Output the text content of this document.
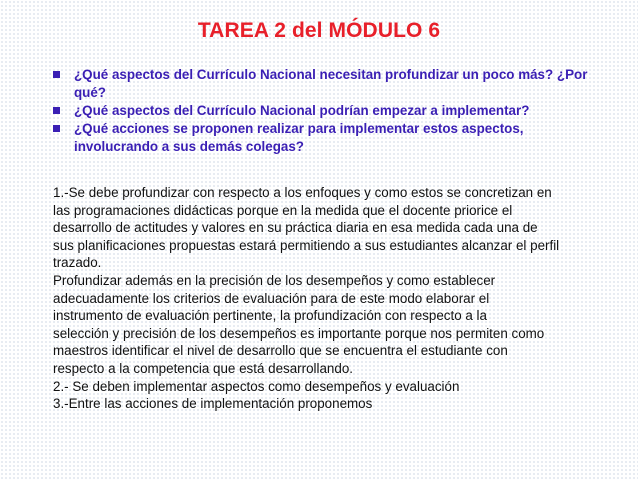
TAREA 2 del MÓDULO 6
¿Qué aspectos del Currículo Nacional necesitan profundizar un poco más? ¿Por
qué?
¿Qué aspectos del Currículo Nacional podrían empezar a implementar?
¿Qué acciones se proponen realizar para implementar estos aspectos,
involucrando a sus demás colegas?

1.-Se debe profundizar con respecto a los enfoques y como estos se concretizan en

las programaciones didácticas porque en la medida que el docente priorice el

desarrollo de actitudes y valores en su práctica diaria en esa medida cada una de

sus planificaciones propuestas estará permitiendo a sus estudiantes alcanzar el perfil

trazado.

Profundizar además en la precisión de los desempeños y como establecer

adecuadamente los criterios de evaluación para de este modo elaborar el

instrumento de evaluación pertinente, la profundización con respecto a la

selección y precisión de los desempeños es importante porque nos permiten como

maestros identificar el nivel de desarrollo que se encuentra el estudiante con

respecto a la competencia que está desarrollando.

2.- Se deben implementar aspectos como desempeños y evaluación

3.-Entre las acciones de implementación proponemos
